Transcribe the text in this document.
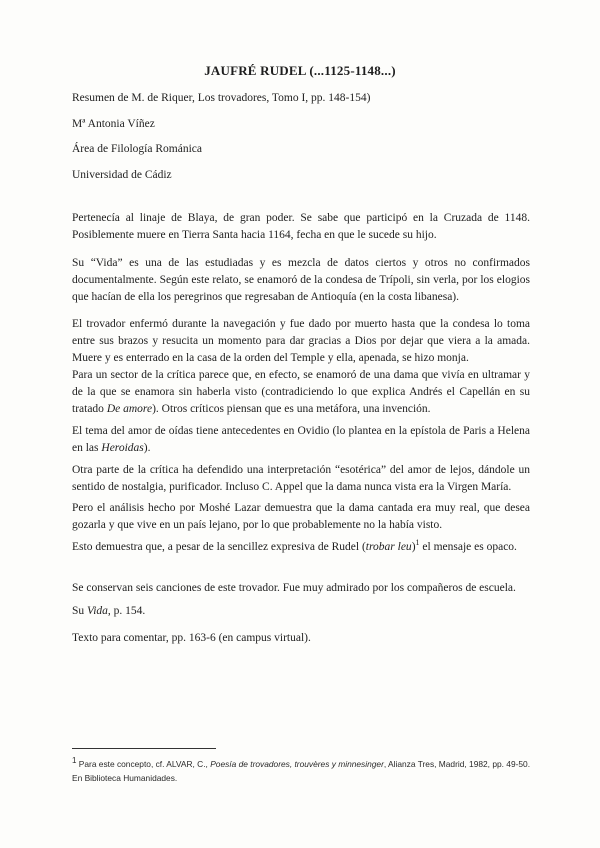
JAUFRÉ RUDEL (...1125-1148...)
Resumen de M. de Riquer, Los trovadores, Tomo I, pp. 148-154)
Mª Antonia Víñez
Área de Filología Románica
Universidad de Cádiz
Pertenecía al linaje de Blaya, de gran poder. Se sabe que participó en la Cruzada de 1148. Posiblemente muere en Tierra Santa hacia 1164, fecha en que le sucede su hijo.
Su “Vida” es una de las estudiadas y es mezcla de datos ciertos y otros no confirmados documentalmente. Según este relato, se enamoró de la condesa de Trípoli, sin verla, por los elogios que hacían de ella los peregrinos que regresaban de Antioquía (en la costa libanesa).
El trovador enfermó durante la navegación y fue dado por muerto hasta que la condesa lo toma entre sus brazos y resucita un momento para dar gracias a Dios por dejar que viera a la amada. Muere y es enterrado en la casa de la orden del Temple y ella, apenada, se hizo monja.
Para un sector de la crítica parece que, en efecto, se enamoró de una dama que vivía en ultramar y de la que se enamora sin haberla visto (contradiciendo lo que explica Andrés el Capellán en su tratado De amore). Otros críticos piensan que es una metáfora, una invención.
El tema del amor de oídas tiene antecedentes en Ovidio (lo plantea en la epístola de Paris a Helena en las Heroidas).
Otra parte de la crítica ha defendido una interpretación “esotérica” del amor de lejos, dándole un sentido de nostalgia, purificador. Incluso C. Appel que la dama nunca vista era la Virgen María.
Pero el análisis hecho por Moshé Lazar demuestra que la dama cantada era muy real, que desea gozarla y que vive en un país lejano, por lo que probablemente no la había visto.
Esto demuestra que, a pesar de la sencillez expresiva de Rudel (trobar leu)$^1$ el mensaje es opaco.
Se conservan seis canciones de este trovador. Fue muy admirado por los compañeros de escuela.
Su Vida, p. 154.
Texto para comentar, pp. 163-6 (en campus virtual).
$^1$ Para este concepto, cf. ALVAR, C., Poesía de trovadores, trouvères y minnesinger, Alianza Tres, Madrid, 1982, pp. 49-50. En Biblioteca Humanidades.
